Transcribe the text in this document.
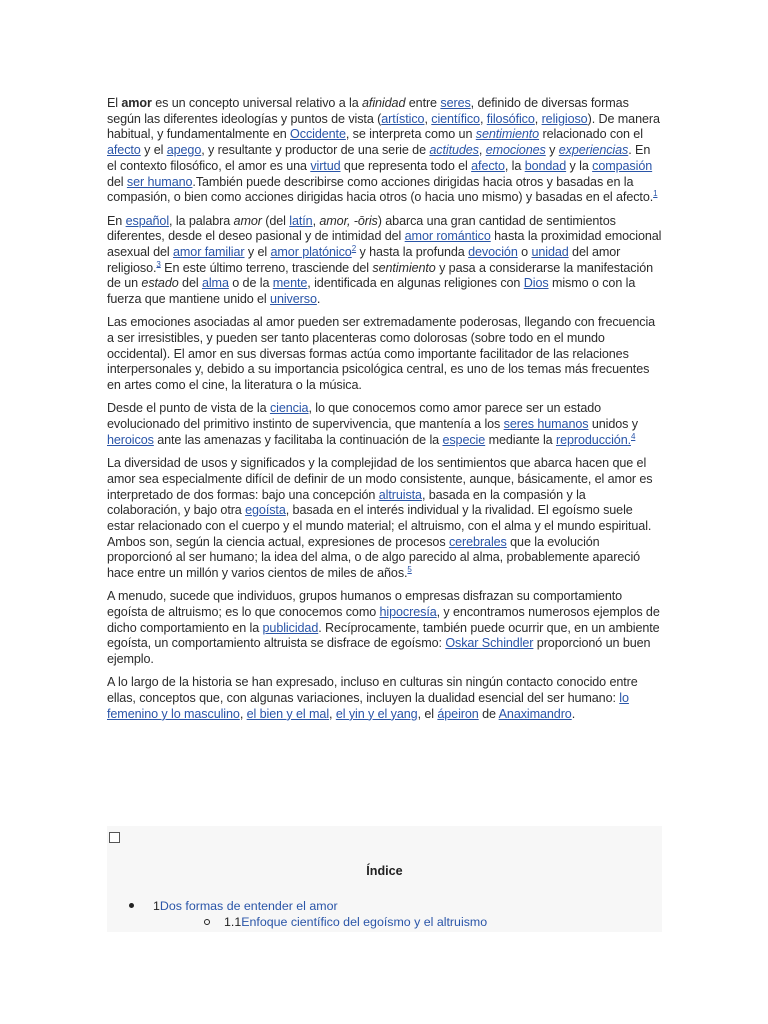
El amor es un concepto universal relativo a la afinidad entre seres, definido de diversas formas según las diferentes ideologías y puntos de vista (artístico, científico, filosófico, religioso). De manera habitual, y fundamentalmente en Occidente, se interpreta como un sentimiento relacionado con el afecto y el apego, y resultante y productor de una serie de actitudes, emociones y experiencias. En el contexto filosófico, el amor es una virtud que representa todo el afecto, la bondad y la compasión del ser humano.También puede describirse como acciones dirigidas hacia otros y basadas en la compasión, o bien como acciones dirigidas hacia otros (o hacia uno mismo) y basadas en el afecto.$^1$

En español, la palabra amor (del latín, amor, -ōris) abarca una gran cantidad de sentimientos diferentes, desde el deseo pasional y de intimidad del amor romántico hasta la proximidad emocional asexual del amor familiar y el amor platónico$^2$ y hasta la profunda devoción o unidad del amor religioso.$^3$ En este último terreno, trasciende del sentimiento y pasa a considerarse la manifestación de un estado del alma o de la mente, identificada en algunas religiones con Dios mismo o con la fuerza que mantiene unido el universo.

Las emociones asociadas al amor pueden ser extremadamente poderosas, llegando con frecuencia a ser irresistibles, y pueden ser tanto placenteras como dolorosas (sobre todo en el mundo occidental). El amor en sus diversas formas actúa como importante facilitador de las relaciones interpersonales y, debido a su importancia psicológica central, es uno de los temas más frecuentes en artes como el cine, la literatura o la música.

Desde el punto de vista de la ciencia, lo que conocemos como amor parece ser un estado evolucionado del primitivo instinto de supervivencia, que mantenía a los seres humanos unidos y heroicos ante las amenazas y facilitaba la continuación de la especie mediante la reproducción.$^4$

La diversidad de usos y significados y la complejidad de los sentimientos que abarca hacen que el amor sea especialmente difícil de definir de un modo consistente, aunque, básicamente, el amor es interpretado de dos formas: bajo una concepción altruista, basada en la compasión y la colaboración, y bajo otra egoísta, basada en el interés individual y la rivalidad. El egoísmo suele estar relacionado con el cuerpo y el mundo material; el altruismo, con el alma y el mundo espiritual. Ambos son, según la ciencia actual, expresiones de procesos cerebrales que la evolución proporcionó al ser humano; la idea del alma, o de algo parecido al alma, probablemente apareció hace entre un millón y varios cientos de miles de años.$^5$

A menudo, sucede que individuos, grupos humanos o empresas disfrazan su comportamiento egoísta de altruismo; es lo que conocemos como hipocresía, y encontramos numerosos ejemplos de dicho comportamiento en la publicidad. Recíprocamente, también puede ocurrir que, en un ambiente egoísta, un comportamiento altruista se disfrace de egoísmo: Oskar Schindler proporcionó un buen ejemplo.

A lo largo de la historia se han expresado, incluso en culturas sin ningún contacto conocido entre ellas, conceptos que, con algunas variaciones, incluyen la dualidad esencial del ser humano: lo femenino y lo masculino, el bien y el mal, el yin y el yang, el ápeiron de Anaximandro.

Índice
1Dos formas de entender el amor
1.1Enfoque científico del egoísmo y el altruismo
